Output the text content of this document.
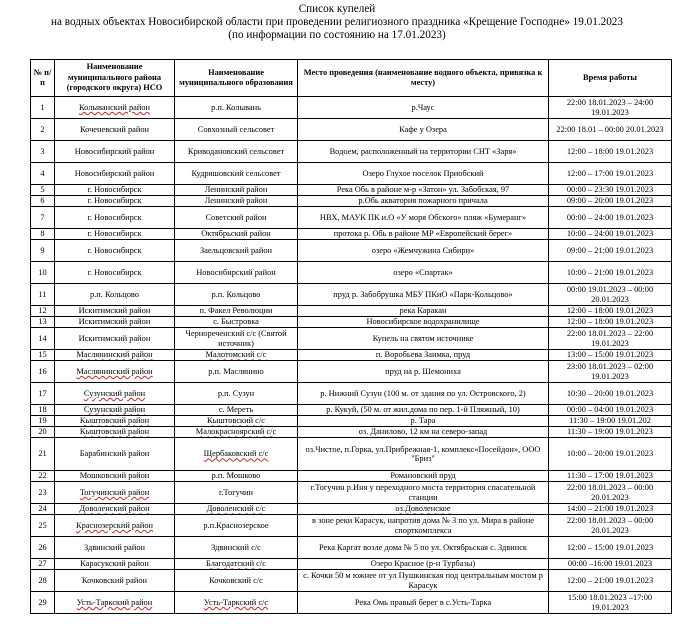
Список купелей
на водных объектах Новосибирской области при проведении религиозного праздника «Крещение Господне» 19.01.2023
(по информации по состоянию на 17.01.2023)
№ п/п	Наименование муниципального района (городского округа) НСО	Наименование муниципального образования	Место проведения (наименование водного объекта, привязка к месту)	Время работы
1	Колыванский район	р.п. Колывань	р.Чаус	22:00 18.01.2023 – 24:00 19.01.2023
2	Коченевский район	Совхозный сельсовет	Кафе у Озера	22:00 18.01 – 00:00 20.01.2023
3	Новосибирский район	Криводановский сельсовет	Водоем, расположенный на территории СНТ «Заря»	12:00 – 18:00 19.01.2023
4	Новосибирский район	Кудряшовский сельсовет	Озеро Глухое поселок Приобский	12:00 – 17:00 19.01.2023
5	г. Новосибирск	Ленинский район	Река Обь в районе м-р «Затон» ул. Забобская, 97	00:00 – 23:30 19.01.2023
6	г. Новосибирск	Ленинский район	р.Обь акватория пожарного причала	09:00 – 20:00 19.01.2023
7	г. Новосибирск	Советский район	НВХ, МАУК ПК и.О «У моря Обского» пляж «Бумеранг»	00:00 – 24:00 19.01.2023
8	г. Новосибирск	Октябрьский район	протока р. Обь в районе МР «Европейский берег»	10:00 – 24:00 19.01.2023
9	г. Новосибирск	Заельцовский район	озеро «Жемчужина Сибири»	09:00 – 21:00 19.01.2023
10	г. Новосибирск	Новосибирский район	озеро «Спартак»	10:00 – 21:00 19.01.2023
11	р.п. Кольцово	р.п. Кольцово	пруд р. Забобрушка МБУ ПКиО «Парк-Кольцово»	00:00 19.01.2023 – 00:00 20.01.2023
12	Искитимский район	п. Факел Революции	река Каракан	12:00 – 18:00 19.01.2023
13	Искитимский район	с. Быстровка	Новосибирское водохранилище	12:00 – 18:00 19.01.2023
14	Искитимский район	Чернореченский с/с (Святой источник)	Купель на святом источнике	22:00 18.01.2023 – 22:00 19.01.2023
15	Маслянинский район	Малотомский с/с	п. Воробьева Заимка, пруд	13:00 – 15:00 19.01.2023
16	Маслянинский район	р.п. Маслянино	пруд на р. Шемониха	23:00 18.01.2023 – 02:00 19.01.2023
17	Сузунский район	р.п. Сузун	р. Нижний Сузун (100 м. от здания по ул. Островского, 2)	10:30 – 20:00 19.01.2023
18	Сузунский район	с. Мереть	р. Кукуй, (50 м. от жил.дома по пер. 1-й Пляжный, 10)	00:00 – 04:00 19.01.2023
19	Кыштовский район	Кыштовский с/с	р. Тара	11:30 – 19:00 19.01.202
20	Кыштовский район	Малокрасноярский с/с	оз. Данилово, 12 км на северо-запад	11:30 – 19:00 19.01.2023
21	Барабинский район	Щербаковский с/с	оз.Чистое, п.Горка, ул.Прибрежная-1, комплекс«Посейдон», ООО "Бриз"	10:00 – 20:00 19.01.2023
22	Мошковский район	р.п. Мошково	Романовский пруд	11:30 – 17:00 19.01.2023
23	Тогучинский район	г.Тогучин	г.Тогучин р.Иня у переходного моста территория спасательной станции	22:00 18.01.2023 – 00:00 20.01.2023
24	Доволенский район	Доволенский с/с	оз.Доволенское	14:00 – 21:00 19.01.2023
25	Краснозерский район	р.п.Краснозерское	в зоне реки Карасук, напротив дома № 3 по ул. Мира в районе спорткомплекса	22:00 18.01.2023 – 00:00 20.01.2023
26	Здвинский район	Здвинский с/с	Река Каргат возле дома № 5 по ул. Октябрьская с. Здвинск	12:00 – 15:00 19.01.2023
27	Карасукский район	Благодатский с/с	Озеро Красное (р-н Турбазы)	00:00 –16:00 19.01.2023
28	Кочковский район	Кочковский с/с	с. Кочки 50 м южнее от ул Пушкинская под центральным мостом р Карасук	12:00 – 21:00 19.01.2023
29	Усть-Таркский район	Усть-Таркский с/с	Река Омь правый берег в с.Усть-Тарка	15:00 18.01.2023 –17:00 19.01.2023
